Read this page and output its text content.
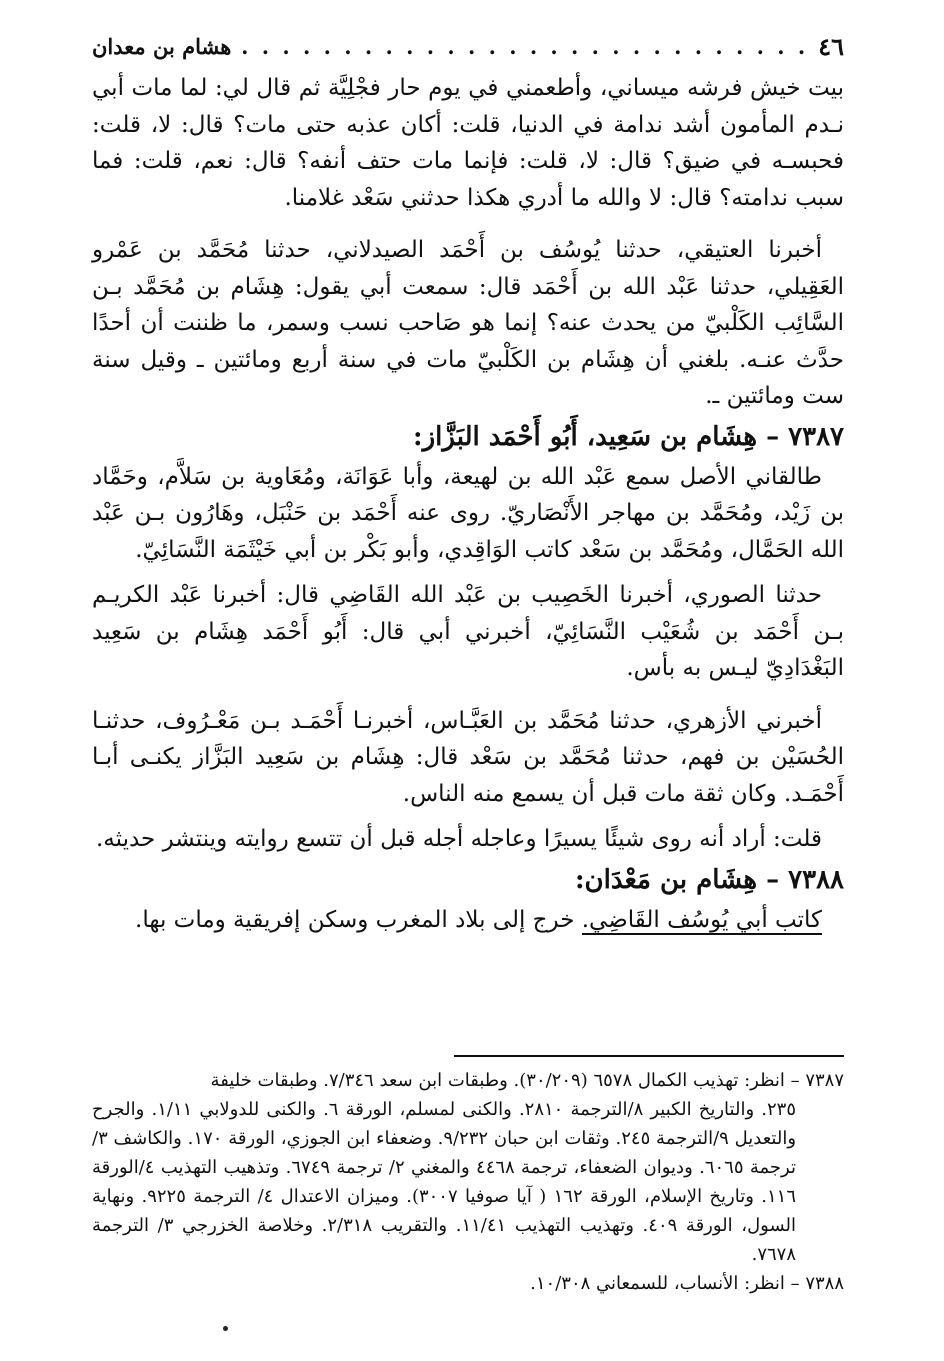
٤٦
. . .
هشام بن معدان

بيت خيش فرشه ميساني، وأطعمني في يوم حار فجْلِيَّة ثم قال لي: لما مات أبي نـدم المأمون أشد ندامة في الدنيا، قلت: أكان عذبه حتى مات؟ قال: لا، قلت: فحبسـه في ضيق؟ قال: لا، قلت: فإنما مات حتف أنفه؟ قال: نعم، قلت: فما سبب ندامته؟ قال: لا والله ما أدري هكذا حدثني سَعْد غلامنا.

أخبرنا العتيقي، حدثنا يُوسُف بن أَحْمَد الصيدلاني، حدثنا مُحَمَّد بن عَمْرو العَقِيلي، حدثنا عَبْد الله بن أَحْمَد قال: سمعت أبي يقول: هِشَام بن مُحَمَّد بـن السَّائِب الكَلْبيّ من يحدث عنه؟ إنما هو صَاحب نسب وسمر، ما ظننت أن أحدًا حدَّث عنـه. بلغني أن هِشَام بن الكَلْبيّ مات في سنة أربع ومائتين ـ وقيل سنة ست ومائتين ـ.

٧٣٨٧ – هِشَام بن سَعِيد، أَبُو أَحْمَد البَزَّاز:

طالقاني الأصل سمع عَبْد الله بن لهيعة، وأبا عَوَانَة، ومُعَاوية بن سَلاَّم، وحَمَّاد بن زَيْد، ومُحَمَّد بن مهاجر الأَنْصَاريّ. روى عنه أَحْمَد بن حَنْبَل، وهَارُون بـن عَبْد الله الحَمَّال، ومُحَمَّد بن سَعْد كاتب الوَاقِدي، وأبو بَكْر بن أبي خَيْثَمَة النَّسَائِيّ.

حدثنا الصوري، أخبرنا الخَصِيب بن عَبْد الله القَاضِي قال: أخبرنا عَبْد الكريـم بـن أَحْمَد بن شُعَيْب النَّسَائِيّ، أخبرني أبي قال: أَبُو أَحْمَد هِشَام بن سَعِيد البَغْدَادِيّ ليـس به بأس.

أخبرني الأزهري، حدثنا مُحَمَّد بن العَبَّـاس، أخبرنـا أَحْمَـد بـن مَعْـرُوف، حدثنـا الحُسَيْن بن فهم، حدثنا مُحَمَّد بن سَعْد قال: هِشَام بن سَعِيد البَزَّاز يكنـى أبـا أَحْمَـد. وكان ثقة مات قبل أن يسمع منه الناس.

قلت: أراد أنه روى شيئًا يسيرًا وعاجله أجله قبل أن تتسع روايته وينتشر حديثه.

٧٣٨٨ – هِشَام بن مَعْدَان:

كاتب أبي يُوسُف القَاضِي. خرج إلى بلاد المغرب وسكن إفريقية ومات بها.

٧٣٨٧ – انظر: تهذيب الكمال ٦٥٧٨ (٣٠/٢٠٩). وطبقات ابن سعد ٧/٣٤٦. وطبقات خليفة

٢٣٥. والتاريخ الكبير ٨/الترجمة ٢٨١٠. والكنى لمسلم، الورقة ٦. والكنى للدولابي ١/١١. والجرح والتعديل ٩/الترجمة ٢٤٥. وثقات ابن حبان ٩/٢٣٢. وضعفاء ابن الجوزي، الورقة ١٧٠. والكاشف ٣/ ترجمة ٦٠٦٥. وديوان الضعفاء، ترجمة ٤٤٦٨ والمغني ٢/ ترجمة ٦٧٤٩. وتذهيب التهذيب ٤/الورقة ١١٦. وتاريخ الإسلام، الورقة ١٦٢ ( آيا صوفيا ٣٠٠٧). وميزان الاعتدال ٤/ الترجمة ٩٢٢٥. ونهاية السول، الورقة ٤٠٩. وتهذيب التهذيب ١١/٤١. والتقريب ٢/٣١٨. وخلاصة الخزرجي ٣/ الترجمة ٧٦٧٨.

٧٣٨٨ – انظر: الأنساب، للسمعاني ١٠/٣٠٨.
